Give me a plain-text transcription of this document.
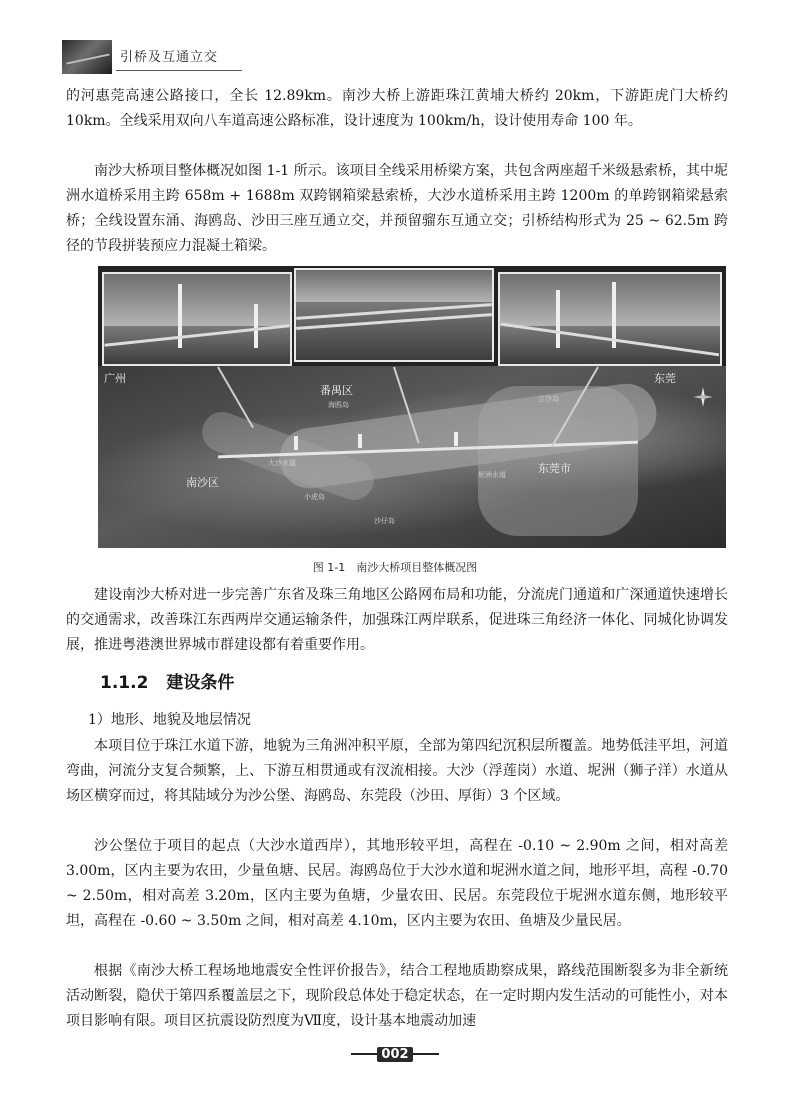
引桥及互通立交

的河惠莞高速公路接口，全长 12.89km。南沙大桥上游距珠江黄埔大桥约 20km，下游距虎门大桥约 10km。全线采用双向八车道高速公路标准，设计速度为 100km/h，设计使用寿命 100 年。

南沙大桥项目整体概况如图 1-1 所示。该项目全线采用桥梁方案，共包含两座超千米级悬索桥，其中坭洲水道桥采用主跨 658m + 1688m 双跨钢箱梁悬索桥，大沙水道桥采用主跨 1200m 的单跨钢箱梁悬索桥；全线设置东涌、海鸥岛、沙田三座互通立交，并预留骝东互通立交；引桥结构形式为 25 ~ 62.5m 跨径的节段拼装预应力混凝土箱梁。

广州
番禺区
东莞
南沙区
东莞市
海鸥岛
立沙岛
大沙水道
坭洲水道
小虎岛
沙仔岛
图 1-1　南沙大桥项目整体概况图

建设南沙大桥对进一步完善广东省及珠三角地区公路网布局和功能，分流虎门通道和广深通道快速增长的交通需求，改善珠江东西两岸交通运输条件，加强珠江两岸联系，促进珠三角经济一体化、同城化协调发展，推进粤港澳世界城市群建设都有着重要作用。

1.1.2 建设条件
1）地形、地貌及地层情况

本项目位于珠江水道下游，地貌为三角洲冲积平原，全部为第四纪沉积层所覆盖。地势低洼平坦，河道弯曲，河流分支复合频繁，上、下游互相贯通或有汊流相接。大沙（浮莲岗）水道、坭洲（狮子洋）水道从场区横穿而过，将其陆域分为沙公堡、海鸥岛、东莞段（沙田、厚街）3 个区域。

沙公堡位于项目的起点（大沙水道西岸），其地形较平坦，高程在 -0.10 ~ 2.90m 之间，相对高差 3.00m，区内主要为农田，少量鱼塘、民居。海鸥岛位于大沙水道和坭洲水道之间，地形平坦，高程 -0.70 ~ 2.50m，相对高差 3.20m，区内主要为鱼塘，少量农田、民居。东莞段位于坭洲水道东侧，地形较平坦，高程在 -0.60 ~ 3.50m 之间，相对高差 4.10m，区内主要为农田、鱼塘及少量民居。

根据《南沙大桥工程场地地震安全性评价报告》，结合工程地质勘察成果，路线范围断裂多为非全新统活动断裂，隐伏于第四系覆盖层之下，现阶段总体处于稳定状态，在一定时期内发生活动的可能性小，对本项目影响有限。项目区抗震设防烈度为Ⅶ度，设计基本地震动加速

002
